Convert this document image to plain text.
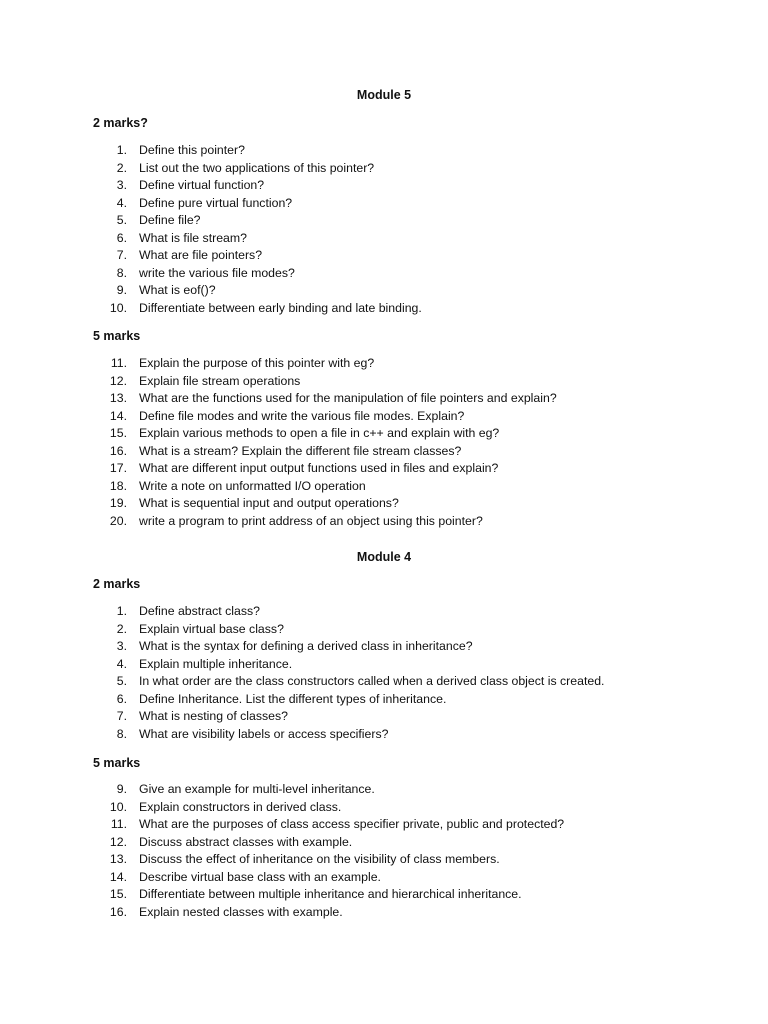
Module 5
2 marks?
1. Define this pointer?
2. List out the two applications of this pointer?
3. Define virtual function?
4. Define pure virtual function?
5. Define file?
6. What is file stream?
7. What are file pointers?
8. write the various file modes?
9. What is eof()?
10. Differentiate between early binding and late binding.
5 marks
11. Explain the purpose of this pointer with eg?
12. Explain file stream operations
13. What are the functions used for the manipulation of file pointers and explain?
14. Define file modes and write the various file modes. Explain?
15. Explain various methods to open a file in c++ and explain with eg?
16. What is a stream? Explain the different file stream classes?
17. What are different input output functions used in files and explain?
18. Write a note on unformatted I/O operation
19. What is sequential input and output operations?
20. write a program to print address of an object using this pointer?
Module 4
2 marks
1. Define abstract class?
2. Explain virtual base class?
3. What is the syntax for defining a derived class in inheritance?
4. Explain multiple inheritance.
5. In what order are the class constructors called when a derived class object is created.
6. Define Inheritance. List the different types of inheritance.
7. What is nesting of classes?
8. What are visibility labels or access specifiers?
5 marks
9. Give an example for multi-level inheritance.
10. Explain constructors in derived class.
11. What are the purposes of class access specifier private, public and protected?
12. Discuss abstract classes with example.
13. Discuss the effect of inheritance on the visibility of class members.
14. Describe virtual base class with an example.
15. Differentiate between multiple inheritance and hierarchical inheritance.
16. Explain nested classes with example.
